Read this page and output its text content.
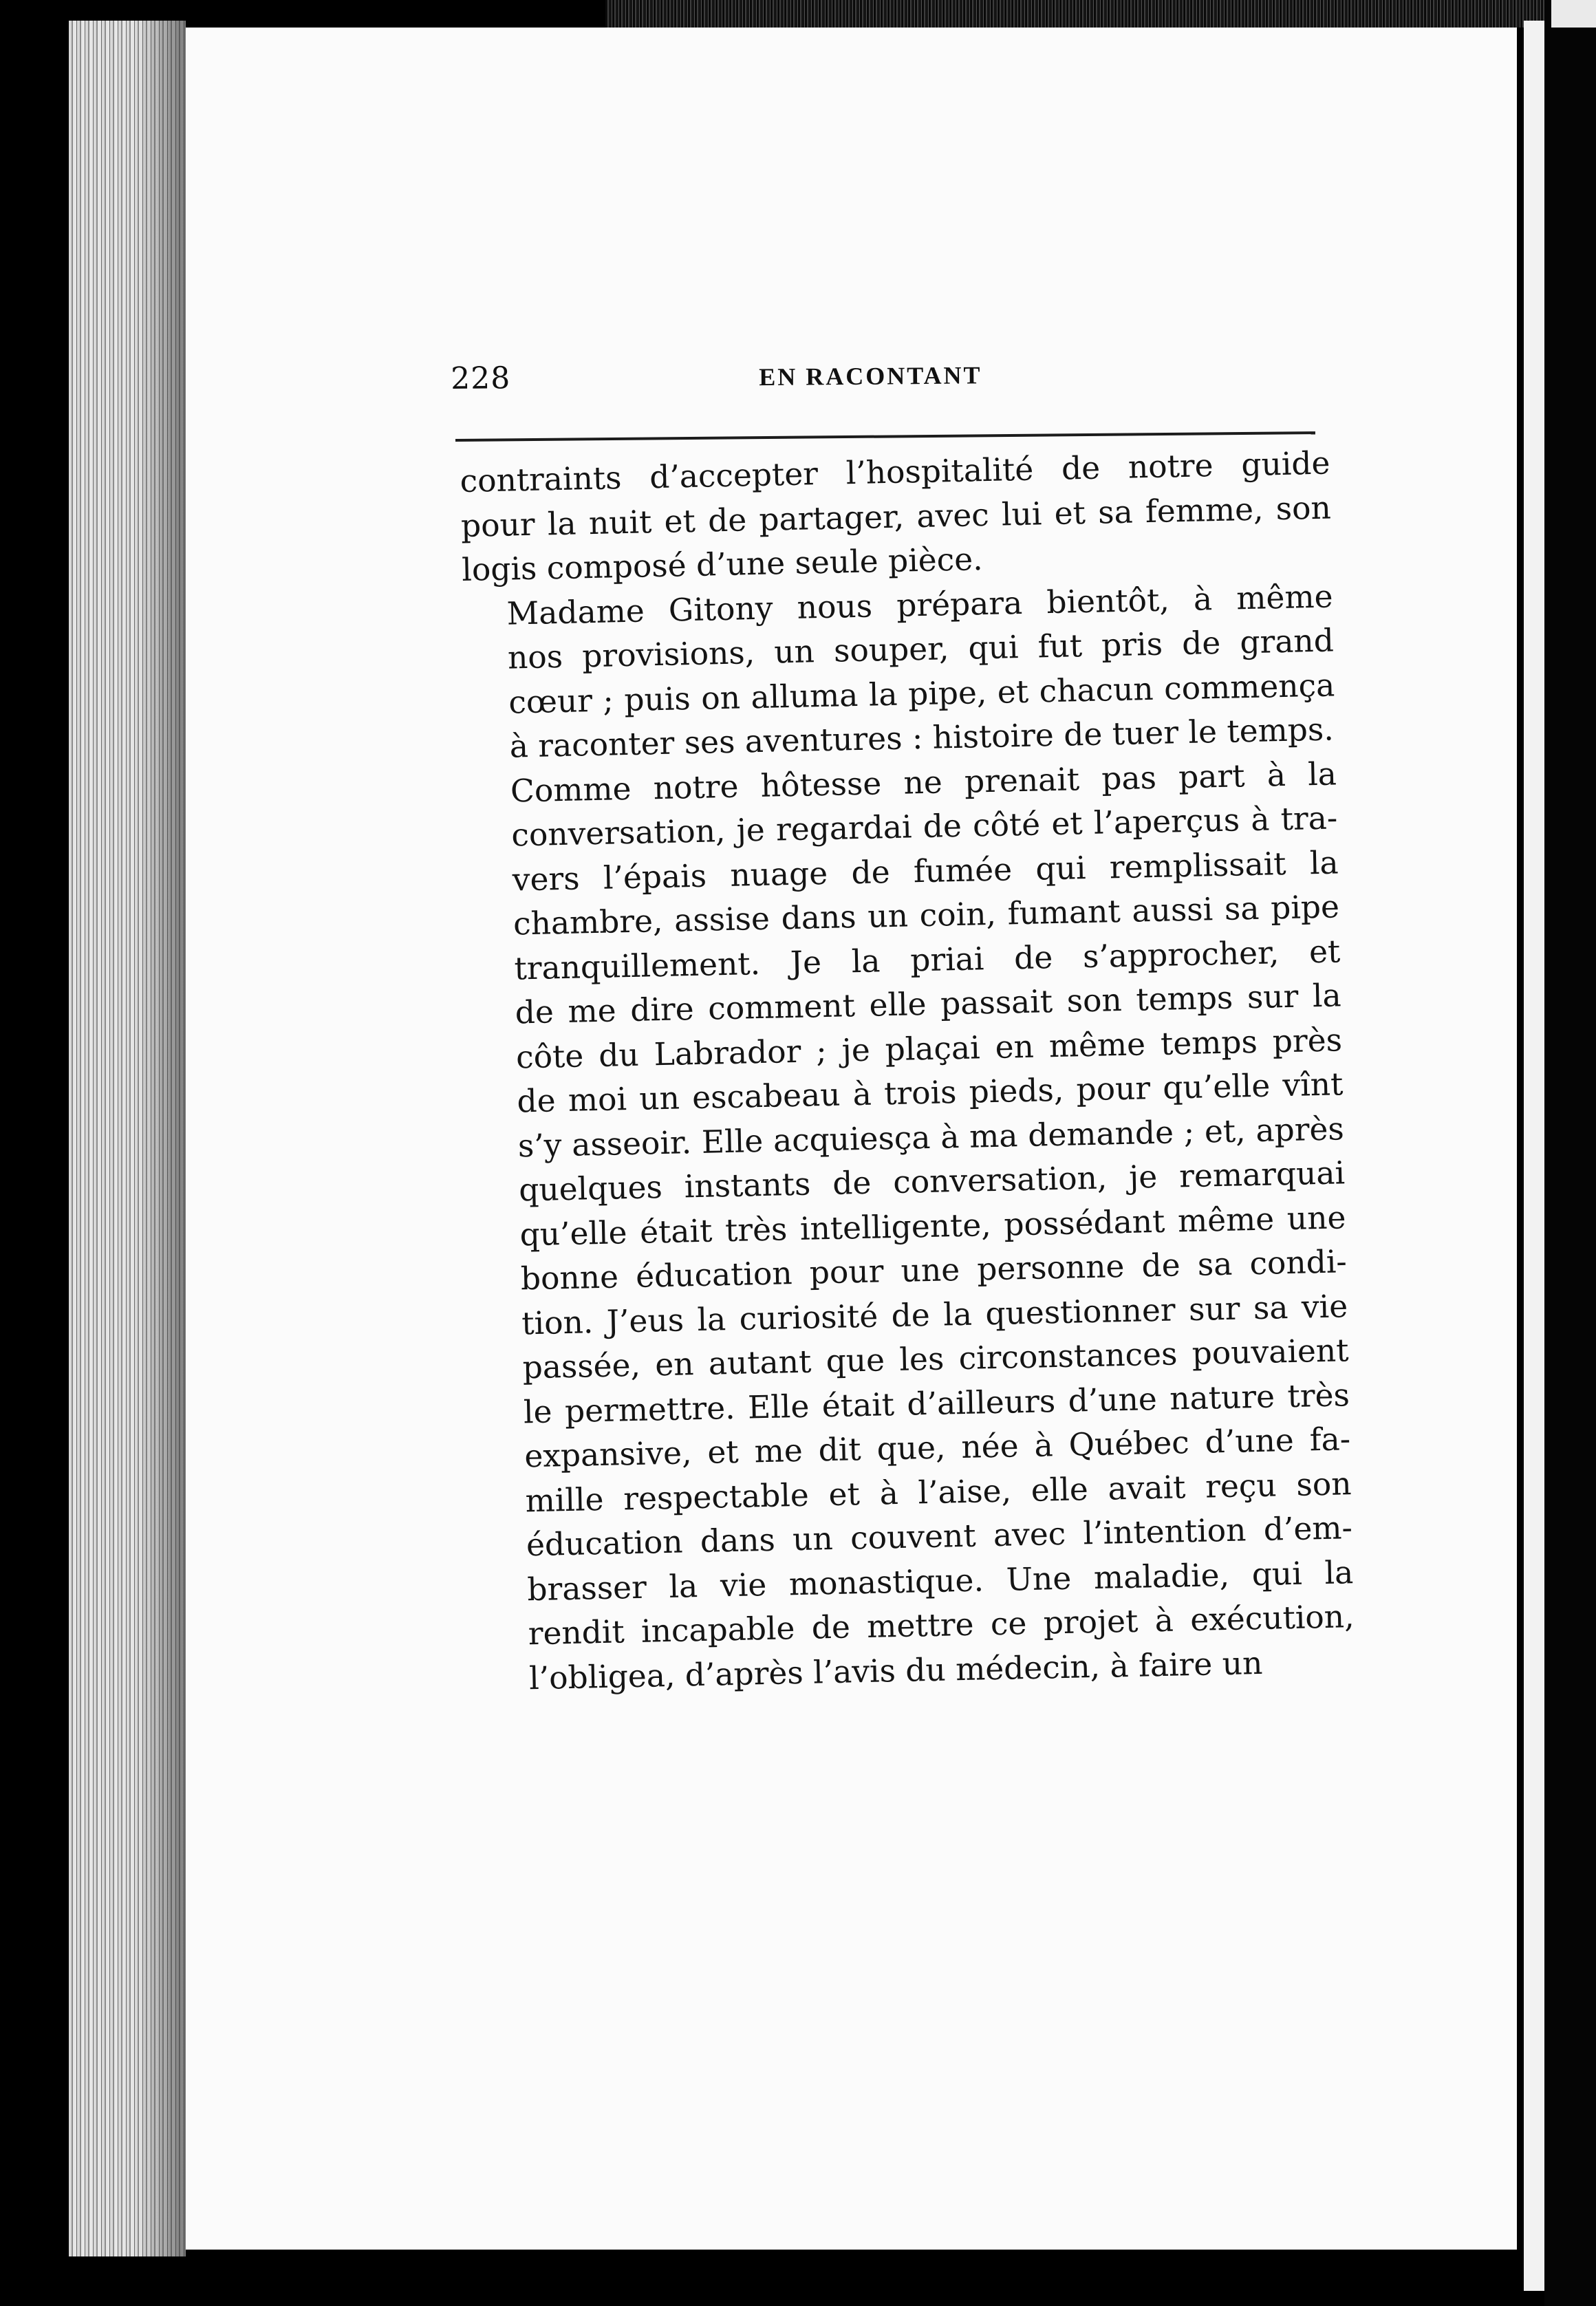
228	EN RACONTANT

contraints d’accepter l’hospitalité de notre guide
pour la nuit et de partager, avec lui et sa femme, son
logis composé d’une seule pièce.

Madame Gitony nous prépara bientôt, à même
nos provisions, un souper, qui fut pris de grand
cœur ; puis on alluma la pipe, et chacun commença
à raconter ses aventures : histoire de tuer le temps.

Comme notre hôtesse ne prenait pas part à la
conversation, je regardai de côté et l’aperçus à tra-
vers l’épais nuage de fumée qui remplissait la
chambre, assise dans un coin, fumant aussi sa pipe
tranquillement. Je la priai de s’approcher, et
de me dire comment elle passait son temps sur la
côte du Labrador ; je plaçai en même temps près
de moi un escabeau à trois pieds, pour qu’elle vînt
s’y asseoir. Elle acquiesça à ma demande ; et, après
quelques instants de conversation, je remarquai
qu’elle était très intelligente, possédant même une
bonne éducation pour une personne de sa condi-
tion. J’eus la curiosité de la questionner sur sa vie
passée, en autant que les circonstances pouvaient
le permettre. Elle était d’ailleurs d’une nature très
expansive, et me dit que, née à Québec d’une fa-
mille respectable et à l’aise, elle avait reçu son
éducation dans un couvent avec l’intention d’em-
brasser la vie monastique. Une maladie, qui la
rendit incapable de mettre ce projet à exécution,
l’obligea, d’après l’avis du médecin, à faire un
